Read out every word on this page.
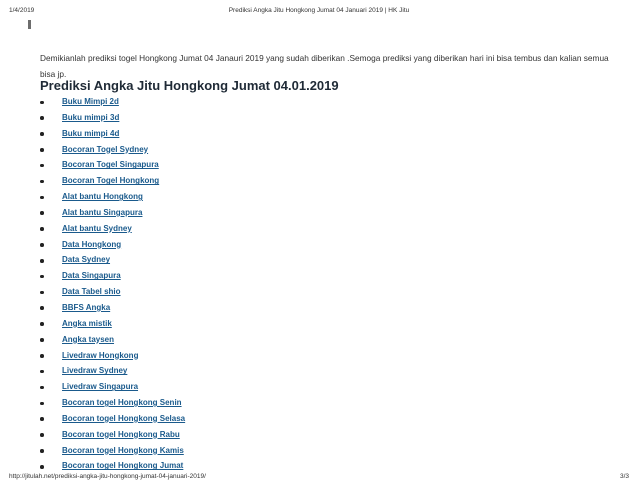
1/4/2019	Prediksi Angka Jitu Hongkong Jumat 04 Januari 2019 | HK Jitu

Demikianlah prediksi togel Hongkong Jumat 04 Janauri 2019 yang sudah diberikan .Semoga prediksi yang diberikan hari ini bisa tembus dan kalian semua bisa jp.

Prediksi Angka Jitu Hongkong Jumat 04.01.2019
Buku Mimpi 2d
Buku mimpi 3d
Buku mimpi 4d
Bocoran Togel Sydney
Bocoran Togel Singapura
Bocoran Togel Hongkong
Alat bantu Hongkong
Alat bantu Singapura
Alat bantu Sydney
Data Hongkong
Data Sydney
Data Singapura
Data Tabel shio
BBFS Angka
Angka mistik
Angka taysen
Livedraw Hongkong
Livedraw Sydney
Livedraw Singapura
Bocoran togel Hongkong Senin
Bocoran togel Hongkong Selasa
Bocoran togel Hongkong Rabu
Bocoran togel Hongkong Kamis
Bocoran togel Hongkong Jumat
http://jitulah.net/prediksi-angka-jitu-hongkong-jumat-04-januari-2019/	3/3
